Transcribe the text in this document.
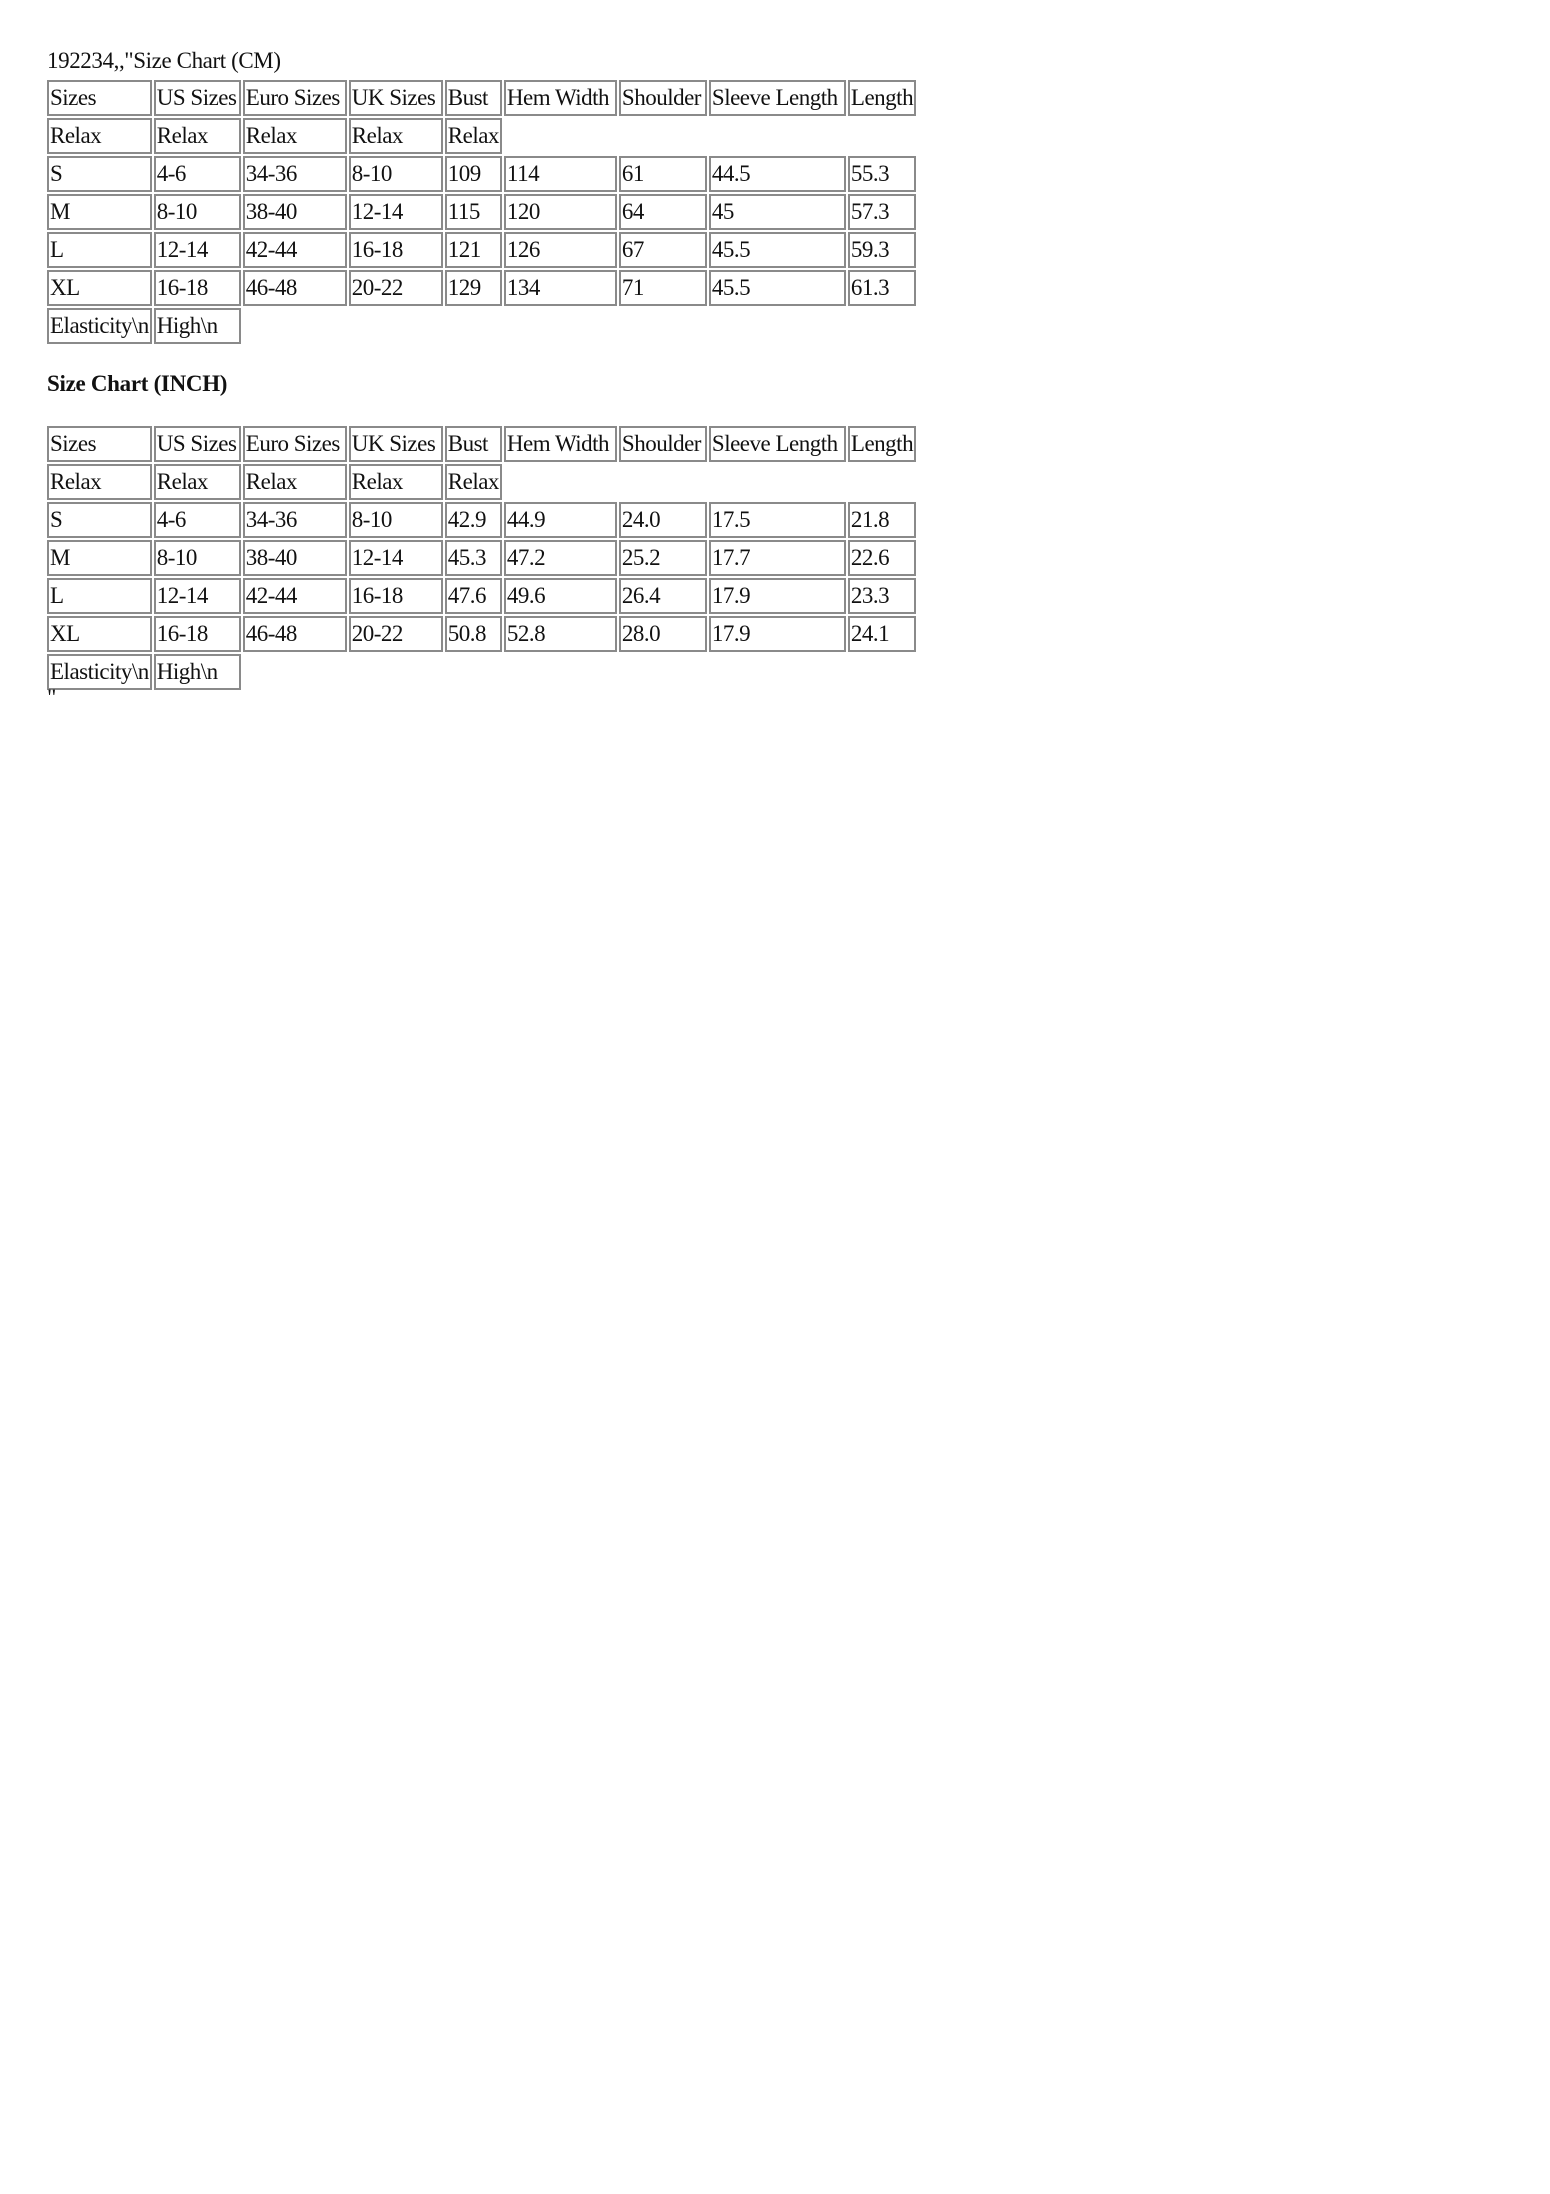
192234,,"Size Chart (CM)
Sizes	US Sizes	Euro Sizes	UK Sizes	Bust	Hem Width	Shoulder	Sleeve Length	Length
Relax	Relax	Relax	Relax	Relax				
S	4-6	34-36	8-10	109	114	61	44.5	55.3
M	8-10	38-40	12-14	115	120	64	45	57.3
L	12-14	42-44	16-18	121	126	67	45.5	59.3
XL	16-18	46-48	20-22	129	134	71	45.5	61.3
Elasticity\n	High\n							
Size Chart (INCH)
Sizes	US Sizes	Euro Sizes	UK Sizes	Bust	Hem Width	Shoulder	Sleeve Length	Length
Relax	Relax	Relax	Relax	Relax				
S	4-6	34-36	8-10	42.9	44.9	24.0	17.5	21.8
M	8-10	38-40	12-14	45.3	47.2	25.2	17.7	22.6
L	12-14	42-44	16-18	47.6	49.6	26.4	17.9	23.3
XL	16-18	46-48	20-22	50.8	52.8	28.0	17.9	24.1
Elasticity\n	High\n							
"
